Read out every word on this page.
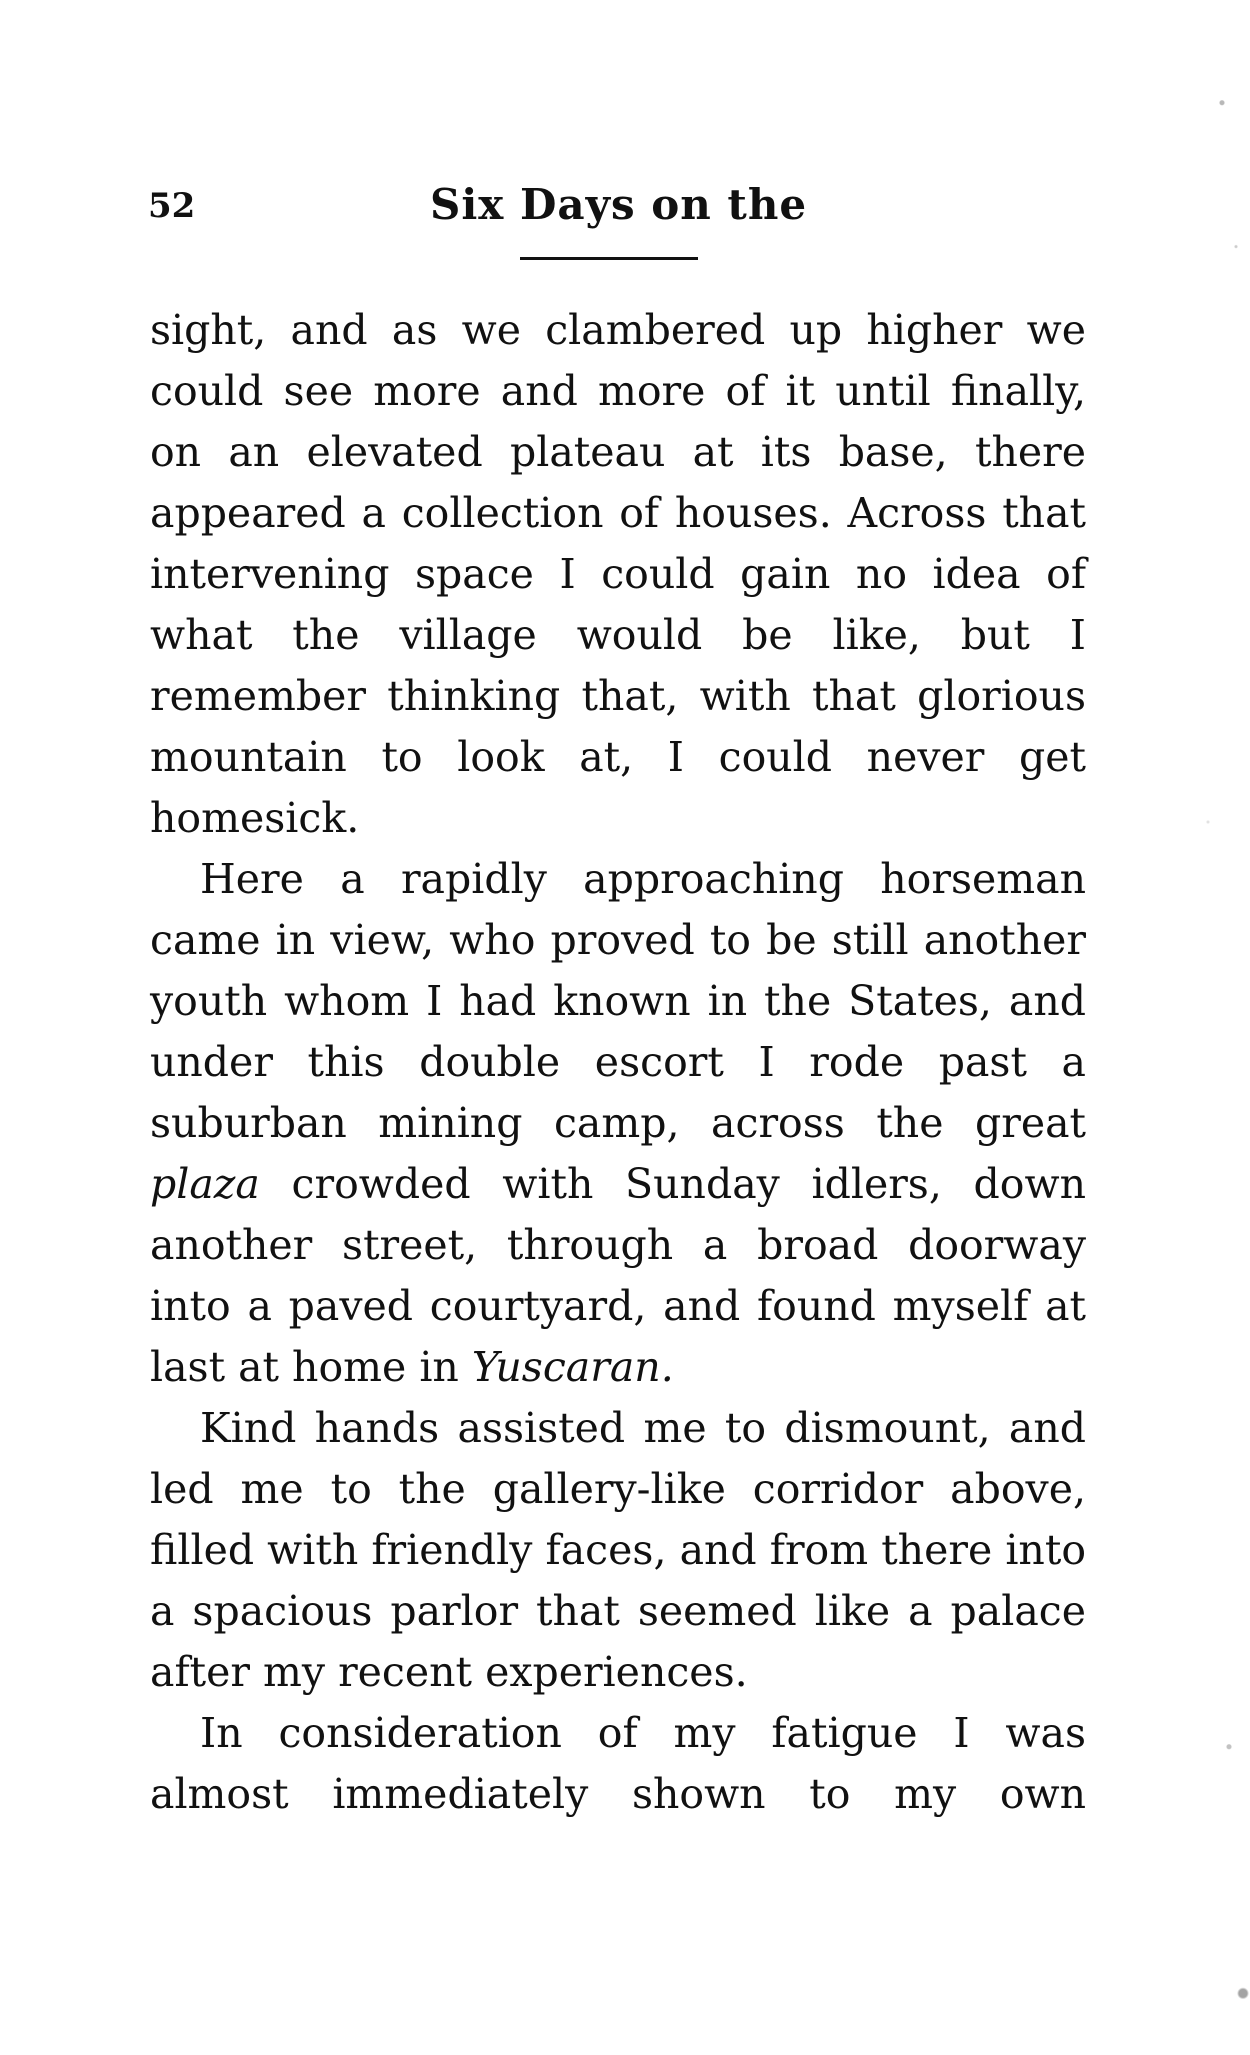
52	Six Days on the

sight, and as we clambered up higher we could see more and more of it until finally, on an elevated plateau at its base, there appeared a collection of houses. Across that intervening space I could gain no idea of what the village would be like, but I remember thinking that, with that glorious mountain to look at, I could never get homesick.

Here a rapidly approaching horseman came in view, who proved to be still another youth whom I had known in the States, and under this double escort I rode past a suburban mining camp, across the great plaza crowded with Sunday idlers, down another street, through a broad doorway into a paved courtyard, and found myself at last at home in Yuscaran.

Kind hands assisted me to dismount, and led me to the gallery-like corridor above, filled with friendly faces, and from there into a spacious parlor that seemed like a palace after my recent experiences.

In consideration of my fatigue I was almost immediately shown to my own
